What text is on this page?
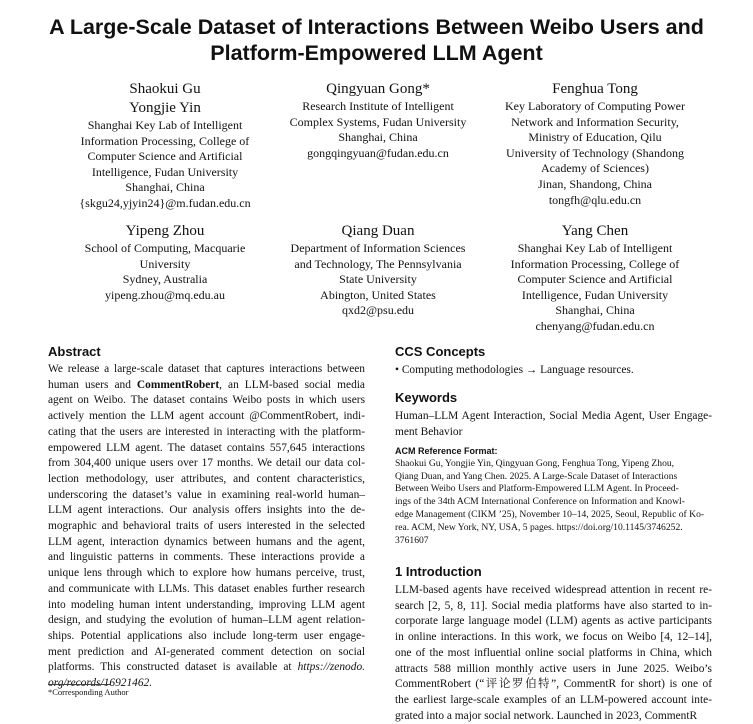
A Large-Scale Dataset of Interactions Between Weibo Users and
Platform-Empowered LLM Agent
Shaokui Gu
Yongjie Yin
Shanghai Key Lab of Intelligent
Information Processing, College of
Computer Science and Artificial
Intelligence, Fudan University
Shanghai, China
{skgu24,yjyin24}@m.fudan.edu.cn
Qingyuan Gong*
Research Institute of Intelligent
Complex Systems, Fudan University
Shanghai, China
gongqingyuan@fudan.edu.cn
Fenghua Tong
Key Laboratory of Computing Power
Network and Information Security,
Ministry of Education, Qilu
University of Technology (Shandong
Academy of Sciences)
Jinan, Shandong, China
tongfh@qlu.edu.cn
Yipeng Zhou
School of Computing, Macquarie
University
Sydney, Australia
yipeng.zhou@mq.edu.au
Qiang Duan
Department of Information Sciences
and Technology, The Pennsylvania
State University
Abington, United States
qxd2@psu.edu
Yang Chen
Shanghai Key Lab of Intelligent
Information Processing, College of
Computer Science and Artificial
Intelligence, Fudan University
Shanghai, China
chenyang@fudan.edu.cn
Abstract
We release a large-scale dataset that captures interactions between
human users and CommentRobert, an LLM-based social media
agent on Weibo. The dataset contains Weibo posts in which users
actively mention the LLM agent account @CommentRobert, indi-
cating that the users are interested in interacting with the platform-
empowered LLM agent. The dataset contains 557,645 interactions
from 304,400 unique users over 17 months. We detail our data col-
lection methodology, user attributes, and content characteristics,
underscoring the dataset’s value in examining real-world human–
LLM agent interactions. Our analysis offers insights into the de-
mographic and behavioral traits of users interested in the selected
LLM agent, interaction dynamics between humans and the agent,
and linguistic patterns in comments. These interactions provide a
unique lens through which to explore how humans perceive, trust,
and communicate with LLMs. This dataset enables further research
into modeling human intent understanding, improving LLM agent
design, and studying the evolution of human–LLM agent relation-
ships. Potential applications also include long-term user engage-
ment prediction and AI-generated comment detection on social
platforms. This constructed dataset is available at https://zenodo.
org/records/16921462.
*Corresponding Author
CCS Concepts
• Computing methodologies → Language resources.
Keywords
Human–LLM Agent Interaction, Social Media Agent, User Engage-
ment Behavior
ACM Reference Format:
Shaokui Gu, Yongjie Yin, Qingyuan Gong, Fenghua Tong, Yipeng Zhou,
Qiang Duan, and Yang Chen. 2025. A Large-Scale Dataset of Interactions
Between Weibo Users and Platform-Empowered LLM Agent. In Proceed-
ings of the 34th ACM International Conference on Information and Knowl-
edge Management (CIKM ’25), November 10–14, 2025, Seoul, Republic of Ko-
rea. ACM, New York, NY, USA, 5 pages. https://doi.org/10.1145/3746252.
3761607
1 Introduction
LLM-based agents have received widespread attention in recent re-
search [2, 5, 8, 11]. Social media platforms have also started to in-
corporate large language model (LLM) agents as active participants
in online interactions. In this work, we focus on Weibo [4, 12–14],
one of the most influential online social platforms in China, which
attracts 588 million monthly active users in June 2025. Weibo’s
CommentRobert (“评论罗伯特”, CommentR for short) is one of
the earliest large-scale examples of an LLM-powered account inte-
grated into a major social network. Launched in 2023, CommentR
